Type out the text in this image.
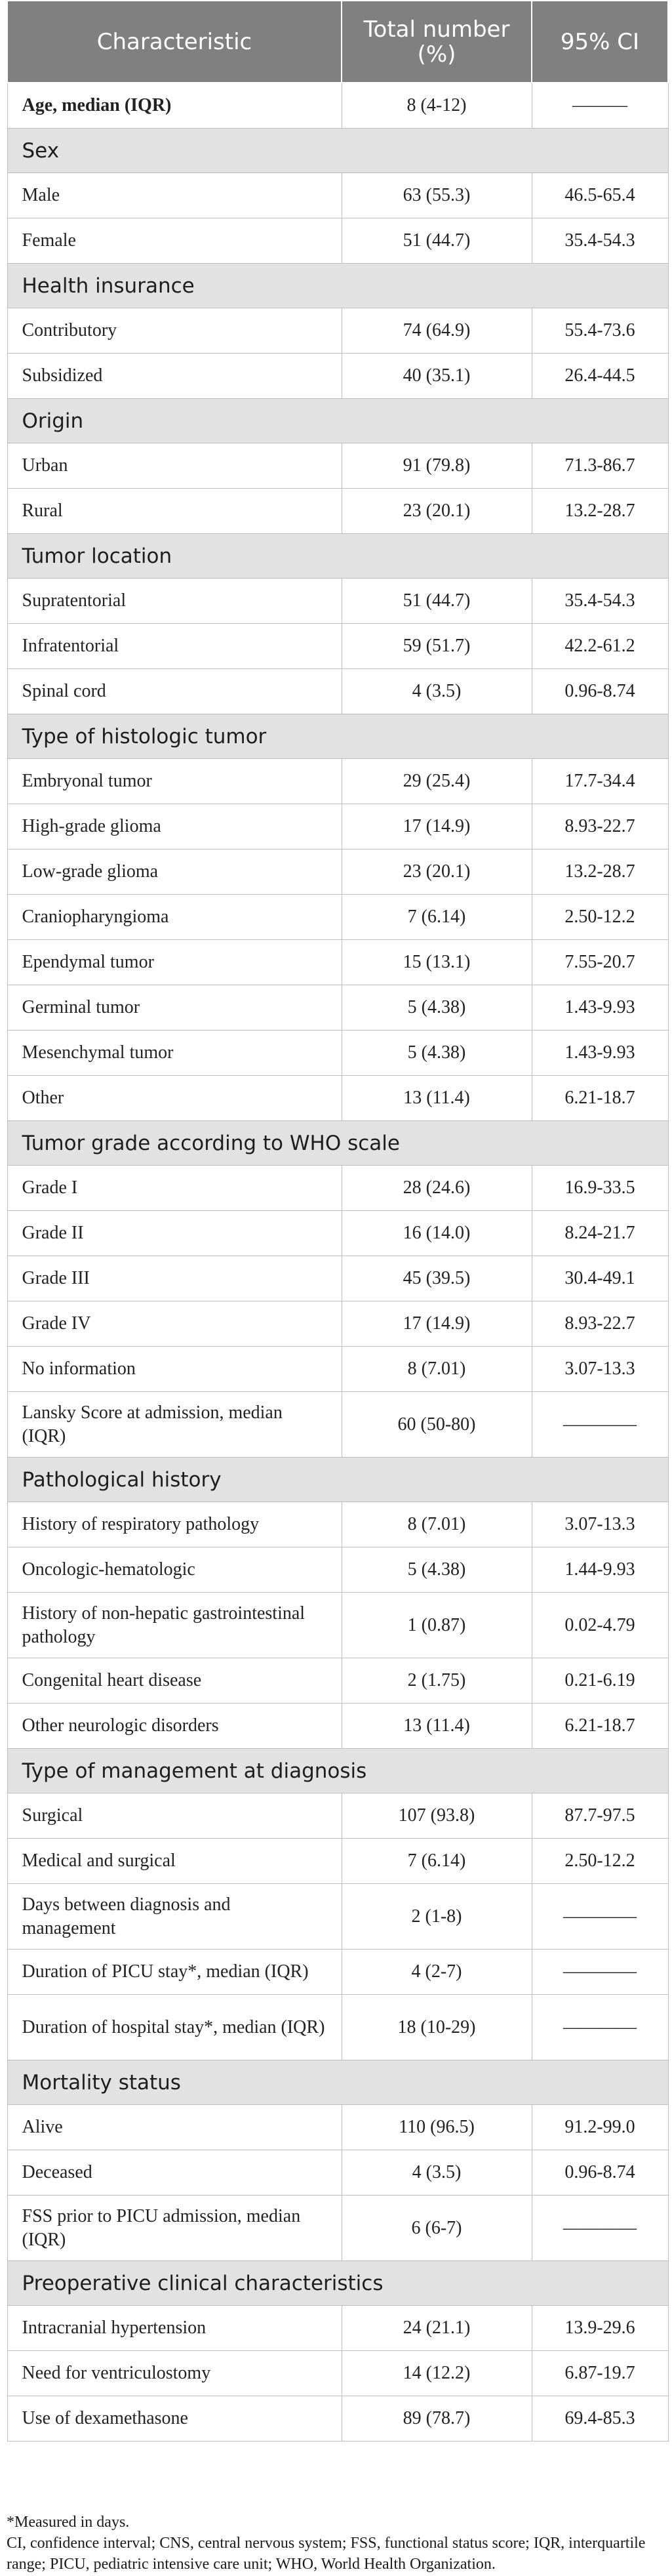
Characteristic	Total number (%)	95% CI
Age, median (IQR)	8 (4-12)	———
Sex		
Male	63 (55.3)	46.5-65.4
Female	51 (44.7)	35.4-54.3
Health insurance		
Contributory	74 (64.9)	55.4-73.6
Subsidized	40 (35.1)	26.4-44.5
Origin		
Urban	91 (79.8)	71.3-86.7
Rural	23 (20.1)	13.2-28.7
Tumor location		
Supratentorial	51 (44.7)	35.4-54.3
Infratentorial	59 (51.7)	42.2-61.2
Spinal cord	4 (3.5)	0.96-8.74
Type of histologic tumor		
Embryonal tumor	29 (25.4)	17.7-34.4
High-grade glioma	17 (14.9)	8.93-22.7
Low-grade glioma	23 (20.1)	13.2-28.7
Craniopharyngioma	7 (6.14)	2.50-12.2
Ependymal tumor	15 (13.1)	7.55-20.7
Germinal tumor	5 (4.38)	1.43-9.93
Mesenchymal tumor	5 (4.38)	1.43-9.93
Other	13 (11.4)	6.21-18.7
Tumor grade according to WHO scale		
Grade I	28 (24.6)	16.9-33.5
Grade II	16 (14.0)	8.24-21.7
Grade III	45 (39.5)	30.4-49.1
Grade IV	17 (14.9)	8.93-22.7
No information	8 (7.01)	3.07-13.3
Lansky Score at admission, median (IQR)	60 (50-80)	————
Pathological history		
History of respiratory pathology	8 (7.01)	3.07-13.3
Oncologic-hematologic	5 (4.38)	1.44-9.93
History of non-hepatic gastrointestinal pathology	1 (0.87)	0.02-4.79
Congenital heart disease	2 (1.75)	0.21-6.19
Other neurologic disorders	13 (11.4)	6.21-18.7
Type of management at diagnosis		
Surgical	107 (93.8)	87.7-97.5
Medical and surgical	7 (6.14)	2.50-12.2
Days between diagnosis and management	2 (1-8)	————
Duration of PICU stay*, median (IQR)	4 (2-7)	————
Duration of hospital stay*, median (IQR)	18 (10-29)	————
Mortality status		
Alive	110 (96.5)	91.2-99.0
Deceased	4 (3.5)	0.96-8.74
FSS prior to PICU admission, median (IQR)	6 (6-7)	————
Preoperative clinical characteristics		
Intracranial hypertension	24 (21.1)	13.9-29.6
Need for ventriculostomy	14 (12.2)	6.87-19.7
Use of dexamethasone	89 (78.7)	69.4-85.3

*Measured in days.

CI, confidence interval; CNS, central nervous system; FSS, functional status score; IQR, interquartile range; PICU, pediatric intensive care unit; WHO, World Health Organization.
